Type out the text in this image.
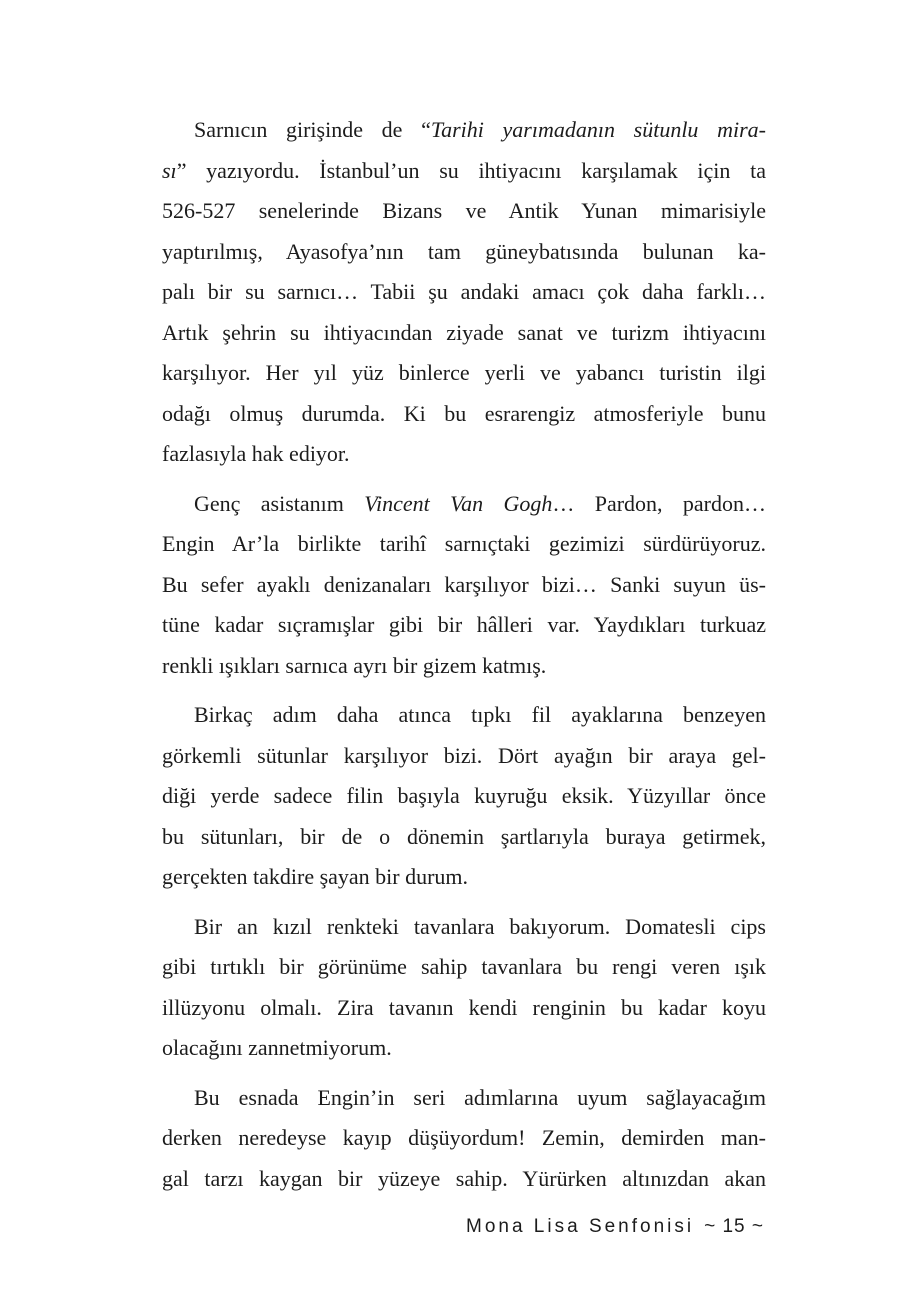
Sarnıcın girişinde de “Tarihi yarımadanın sütunlu mira-
sı” yazıyordu. İstanbul’un su ihtiyacını karşılamak için ta
526-527 senelerinde Bizans ve Antik Yunan mimarisiyle
yaptırılmış, Ayasofya’nın tam güneybatısında bulunan ka-
palı bir su sarnıcı… Tabii şu andaki amacı çok daha farklı…
Artık şehrin su ihtiyacından ziyade sanat ve turizm ihtiyacını
karşılıyor. Her yıl yüz binlerce yerli ve yabancı turistin ilgi
odağı olmuş durumda. Ki bu esrarengiz atmosferiyle bunu
fazlasıyla hak ediyor.
Genç asistanım Vincent Van Gogh… Pardon, pardon…
Engin Ar’la birlikte tarihî sarnıçtaki gezimizi sürdürüyoruz.
Bu sefer ayaklı denizanaları karşılıyor bizi… Sanki suyun üs-
tüne kadar sıçramışlar gibi bir hâlleri var. Yaydıkları turkuaz
renkli ışıkları sarnıca ayrı bir gizem katmış.
Birkaç adım daha atınca tıpkı fil ayaklarına benzeyen
görkemli sütunlar karşılıyor bizi. Dört ayağın bir araya gel-
diği yerde sadece filin başıyla kuyruğu eksik. Yüzyıllar önce
bu sütunları, bir de o dönemin şartlarıyla buraya getirmek,
gerçekten takdire şayan bir durum.
Bir an kızıl renkteki tavanlara bakıyorum. Domatesli cips
gibi tırtıklı bir görünüme sahip tavanlara bu rengi veren ışık
illüzyonu olmalı. Zira tavanın kendi renginin bu kadar koyu
olacağını zannetmiyorum.
Bu esnada Engin’in seri adımlarına uyum sağlayacağım
derken neredeyse kayıp düşüyordum! Zemin, demirden man-
gal tarzı kaygan bir yüzeye sahip. Yürürken altınızdan akan
Mona Lisa Senfonisi ~ 15 ~
